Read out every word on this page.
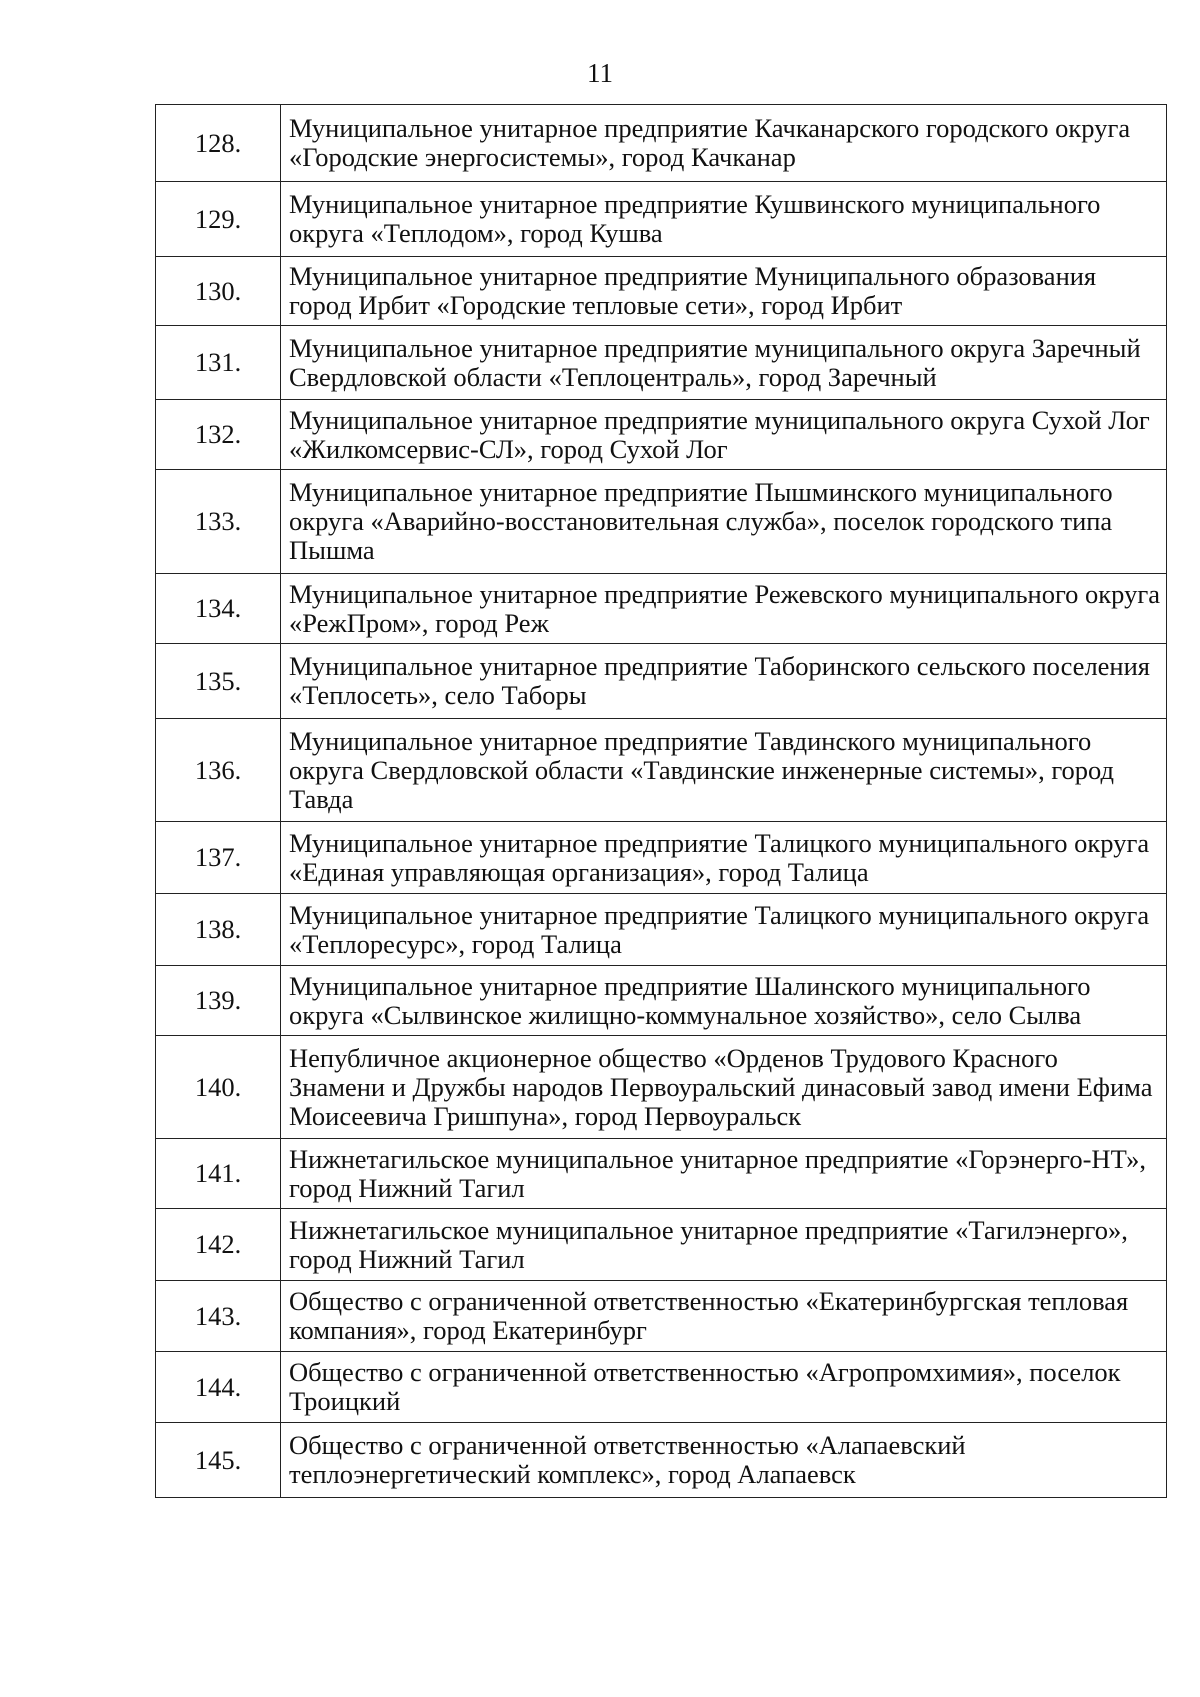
11
128.	Муниципальное унитарное предприятие Качканарского городского округа «Городские энергосистемы», город Качканар
129.	Муниципальное унитарное предприятие Кушвинского муниципального округа «Теплодом», город Кушва
130.	Муниципальное унитарное предприятие Муниципального образования город Ирбит «Городские тепловые сети», город Ирбит
131.	Муниципальное унитарное предприятие муниципального округа Заречный Свердловской области «Теплоцентраль», город Заречный
132.	Муниципальное унитарное предприятие муниципального округа Сухой Лог «Жилкомсервис-СЛ», город Сухой Лог
133.	Муниципальное унитарное предприятие Пышминского муниципального округа «Аварийно-восстановительная служба», поселок городского типа Пышма
134.	Муниципальное унитарное предприятие Режевского муниципального округа «РежПром», город Реж
135.	Муниципальное унитарное предприятие Таборинского сельского поселения «Теплосеть», село Таборы
136.	Муниципальное унитарное предприятие Тавдинского муниципального округа Свердловской области «Тавдинские инженерные системы», город Тавда
137.	Муниципальное унитарное предприятие Талицкого муниципального округа «Единая управляющая организация», город Талица
138.	Муниципальное унитарное предприятие Талицкого муниципального округа «Теплоресурс», город Талица
139.	Муниципальное унитарное предприятие Шалинского муниципального округа «Сылвинское жилищно-коммунальное хозяйство», село Сылва
140.	Непубличное акционерное общество «Орденов Трудового Красного Знамени и Дружбы народов Первоуральский динасовый завод имени Ефима Моисеевича Гришпуна», город Первоуральск
141.	Нижнетагильское муниципальное унитарное предприятие «Горэнерго-НТ», город Нижний Тагил
142.	Нижнетагильское муниципальное унитарное предприятие «Тагилэнерго», город Нижний Тагил
143.	Общество с ограниченной ответственностью «Екатеринбургская тепловая компания», город Екатеринбург
144.	Общество с ограниченной ответственностью «Агропромхимия», поселок Троицкий
145.	Общество с ограниченной ответственностью «Алапаевский теплоэнергетический комплекс», город Алапаевск
